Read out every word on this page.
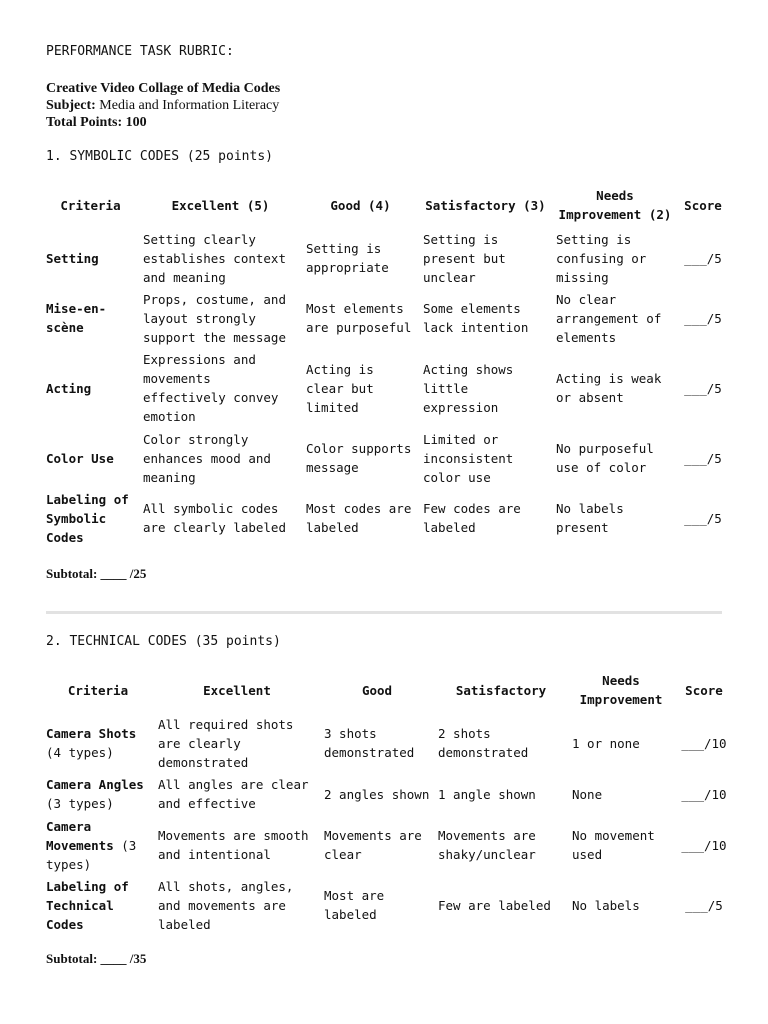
PERFORMANCE TASK RUBRIC:
Creative Video Collage of Media Codes
Subject: Media and Information Literacy
Total Points: 100
1. SYMBOLIC CODES (25 points)
Criteria	Excellent (5)	Good (4)	Satisfactory (3)	Needs Improvement (2)	Score
Setting	Setting clearly establishes context and meaning	Setting is appropriate	Setting is present but unclear	Setting is confusing or missing	___/5
Mise-en-scène	Props, costume, and layout strongly support the message	Most elements are purposeful	Some elements lack intention	No clear arrangement of elements	___/5
Acting	Expressions and movements effectively convey emotion	Acting is clear but limited	Acting shows little expression	Acting is weak or absent	___/5
Color Use	Color strongly enhances mood and meaning	Color supports message	Limited or inconsistent color use	No purposeful use of color	___/5
Labeling of Symbolic Codes	All symbolic codes are clearly labeled	Most codes are labeled	Few codes are labeled	No labels present	___/5
Subtotal: ____ /25
2. TECHNICAL CODES (35 points)
Criteria	Excellent	Good	Satisfactory	Needs Improvement	Score
Camera Shots (4 types)	All required shots are clearly demonstrated	3 shots demonstrated	2 shots demonstrated	1 or none	___/10
Camera Angles (3 types)	All angles are clear and effective	2 angles shown	1 angle shown	None	___/10
Camera Movements (3 types)	Movements are smooth and intentional	Movements are clear	Movements are shaky/unclear	No movement used	___/10
Labeling of Technical Codes	All shots, angles, and movements are labeled	Most are labeled	Few are labeled	No labels	___/5
Subtotal: ____ /35
